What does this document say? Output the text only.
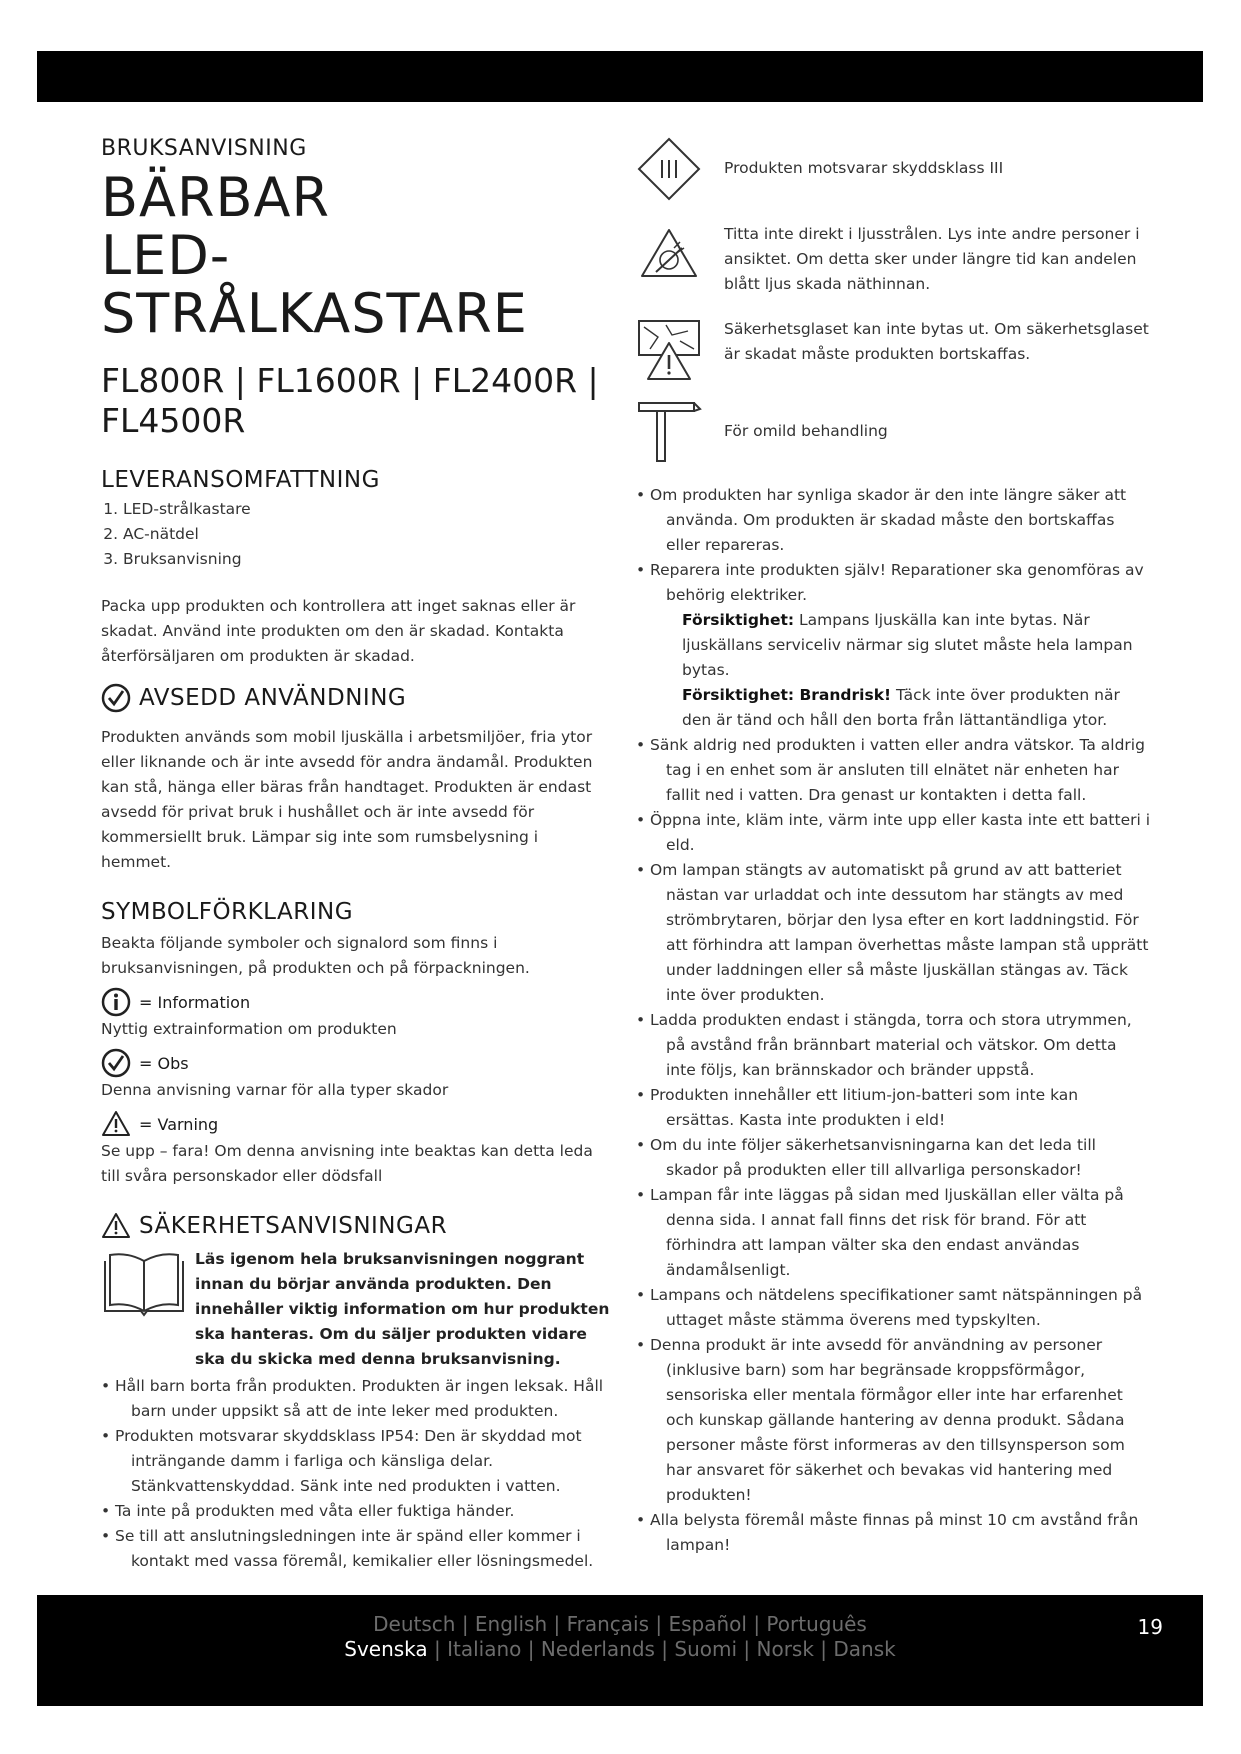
BRUKSANVISNING
BÄRBAR
LED-STRÅLKASTARE
FL800R | FL1600R | FL2400R | FL4500R
LEVERANSOMFATTNING
1. LED-strålkastare
2. AC-nätdel
3. Bruksanvisning

Packa upp produkten och kontrollera att inget saknas eller är skadat. Använd inte produkten om den är skadad. Kontakta återförsäljaren om produkten är skadad.

AVSEDD ANVÄNDNING

Produkten används som mobil ljuskälla i arbetsmiljöer, fria ytor eller liknande och är inte avsedd för andra ändamål. Produkten kan stå, hänga eller bäras från handtaget. Produkten är endast avsedd för privat bruk i hushållet och är inte avsedd för kommersiellt bruk. Lämpar sig inte som rumsbelysning i hemmet.

SYMBOLFÖRKLARING

Beakta följande symboler och signalord som finns i bruksanvisningen, på produkten och på förpackningen.

= Information
Nyttig extrainformation om produkten
= Obs
Denna anvisning varnar för alla typer skador
= Varning
Se upp – fara! Om denna anvisning inte beaktas kan detta leda till svåra personskador eller dödsfall
SÄKERHETSANVISNINGAR
Läs igenom hela bruksanvisningen noggrant innan du börjar använda produkten. Den innehåller viktig information om hur produkten ska hanteras. Om du säljer produkten vidare ska du skicka med denna bruksanvisning.
• Håll barn borta från produkten. Produkten är ingen leksak. Håll barn under uppsikt så att de inte leker med produkten.
• Produkten motsvarar skyddsklass IP54: Den är skyddad mot inträngande damm i farliga och känsliga delar. Stänkvattenskyddad. Sänk inte ned produkten i vatten.
• Ta inte på produkten med våta eller fuktiga händer.
• Se till att anslutningsledningen inte är spänd eller kommer i kontakt med vassa föremål, kemikalier eller lösningsmedel.
Produkten motsvarar skyddsklass III
Titta inte direkt i ljusstrålen. Lys inte andre personer i ansiktet. Om detta sker under längre tid kan andelen blått ljus skada näthinnan.
Säkerhetsglaset kan inte bytas ut. Om säkerhetsglaset är skadat måste produkten bortskaffas.
För omild behandling
• Om produkten har synliga skador är den inte längre säker att använda. Om produkten är skadad måste den bortskaffas eller repareras.
• Reparera inte produkten själv! Reparationer ska genomföras av behörig elektriker.
Försiktighet: Lampans ljuskälla kan inte bytas. När ljuskällans serviceliv närmar sig slutet måste hela lampan bytas.
Försiktighet: Brandrisk! Täck inte över produkten när den är tänd och håll den borta från lättantändliga ytor.
• Sänk aldrig ned produkten i vatten eller andra vätskor. Ta aldrig tag i en enhet som är ansluten till elnätet när enheten har fallit ned i vatten. Dra genast ur kontakten i detta fall.
• Öppna inte, kläm inte, värm inte upp eller kasta inte ett batteri i eld.
• Om lampan stängts av automatiskt på grund av att batteriet nästan var urladdat och inte dessutom har stängts av med strömbrytaren, börjar den lysa efter en kort laddningstid. För att förhindra att lampan överhettas måste lampan stå upprätt under laddningen eller så måste ljuskällan stängas av. Täck inte över produkten.
• Ladda produkten endast i stängda, torra och stora utrymmen, på avstånd från brännbart material och vätskor. Om detta inte följs, kan brännskador och bränder uppstå.
• Produkten innehåller ett litium-jon-batteri som inte kan ersättas. Kasta inte produkten i eld!
• Om du inte följer säkerhetsanvisningarna kan det leda till skador på produkten eller till allvarliga personskador!
• Lampan får inte läggas på sidan med ljuskällan eller välta på denna sida. I annat fall finns det risk för brand. För att förhindra att lampan välter ska den endast användas ändamålsenligt.
• Lampans och nätdelens specifikationer samt nätspänningen på uttaget måste stämma överens med typskylten.
• Denna produkt är inte avsedd för användning av personer (inklusive barn) som har begränsade kroppsförmågor, sensoriska eller mentala förmågor eller inte har erfarenhet och kunskap gällande hantering av denna produkt. Sådana personer måste först informeras av den tillsynsperson som har ansvaret för säkerhet och bevakas vid hantering med produkten!
• Alla belysta föremål måste finnas på minst 10 cm avstånd från lampan!
Deutsch | English | Français | Español | Português
Svenska | Italiano | Nederlands | Suomi | Norsk | Dansk
19
